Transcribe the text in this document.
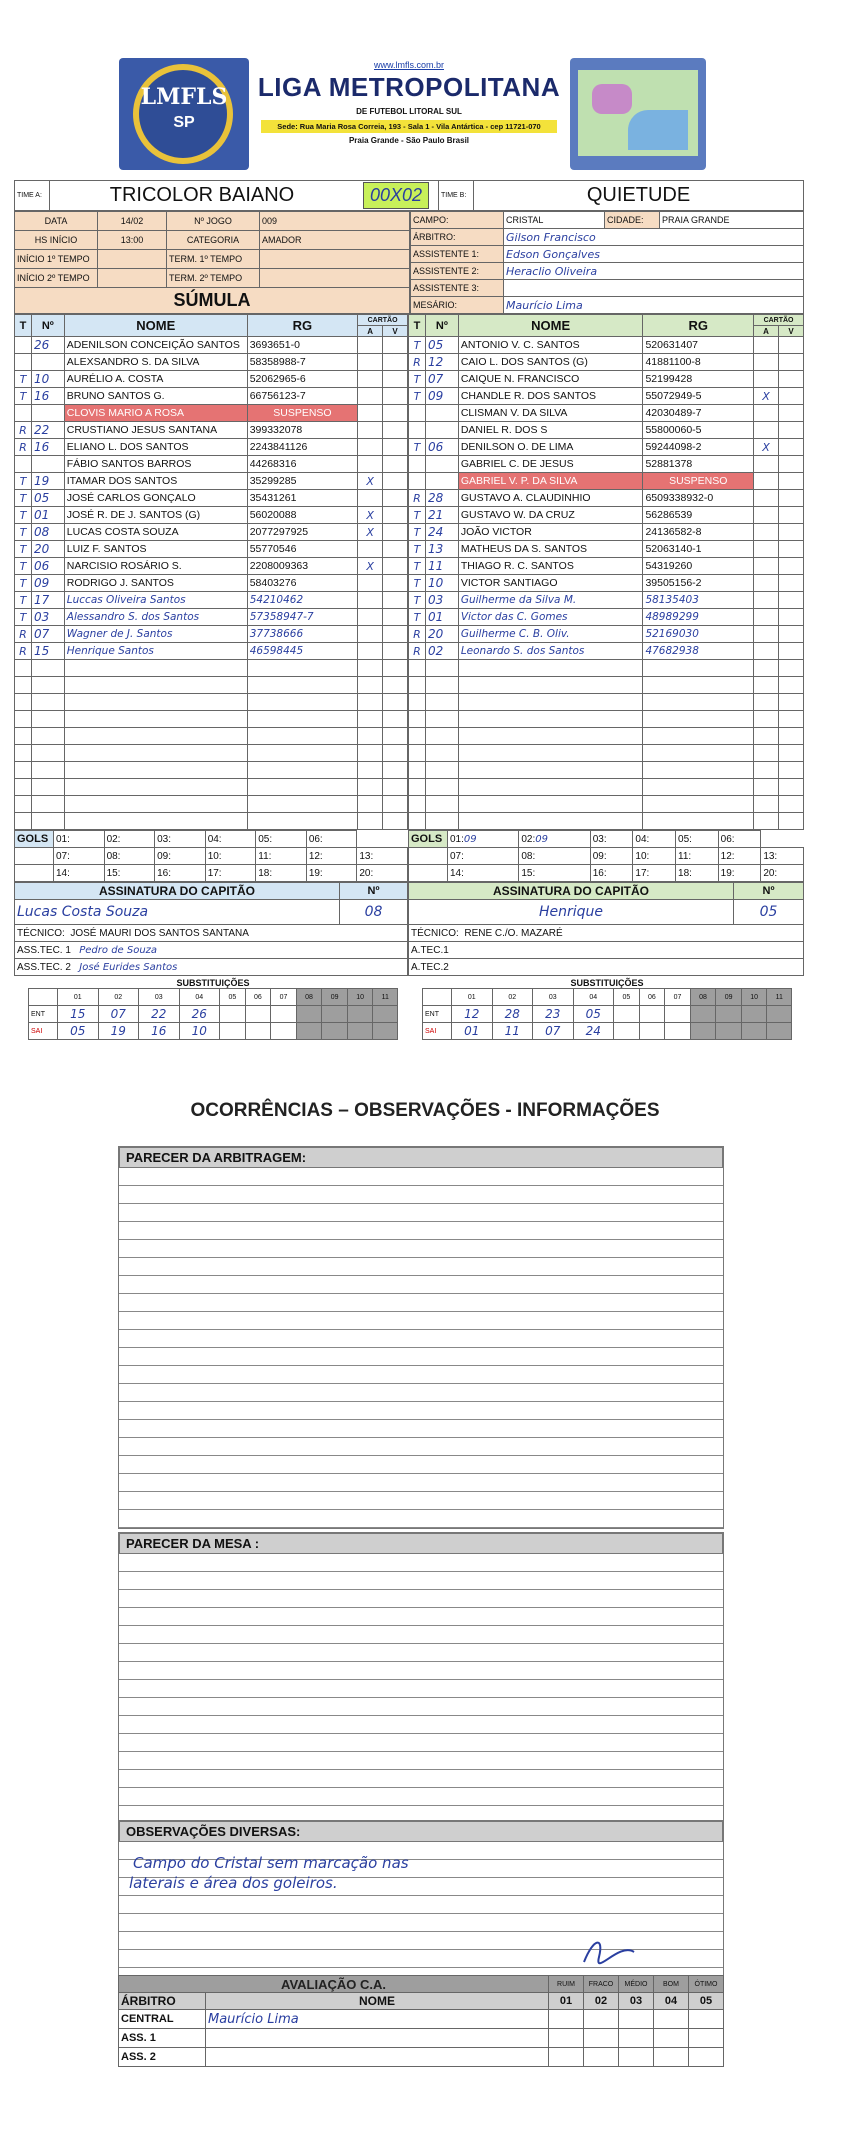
LMFLS
SP
www.lmfls.com.br
LIGA METROPOLITANA
DE FUTEBOL LITORAL SUL
Sede: Rua Maria Rosa Correia, 193 - Sala 1 - Vila Antártica - cep 11721-070
Praia Grande - São Paulo Brasil
TIME A:	TRICOLOR BAIANO	00X02	TIME B:	QUIETUDE
DATA	14/02	Nº JOGO	009
HS INÍCIO	13:00	CATEGORIA	AMADOR
INÍCIO 1º TEMPO		TERM. 1º TEMPO	
INÍCIO 2º TEMPO		TERM. 2º TEMPO	
SÚMULA			
CAMPO:	CRISTAL	CIDADE:	PRAIA GRANDE
ÁRBITRO:	Gilson Francisco		
ASSISTENTE 1:	Edson Gonçalves		
ASSISTENTE 2:	Heraclio Oliveira		
ASSISTENTE 3:			
MESÁRIO:	Maurício Lima		
T	Nº	NOME	RG	CARTÃO	
				A	V
	26	ADENILSON CONCEIÇÃO SANTOS	3693651-0		
		ALEXSANDRO S. DA SILVA	58358988-7		
T	10	AURÉLIO A. COSTA	52062965-6		
T	16	BRUNO SANTOS G.	66756123-7		
		CLOVIS MARIO A ROSA	SUSPENSO		
R	22	CRUSTIANO JESUS SANTANA	399332078		
R	16	ELIANO L. DOS SANTOS	2243841126		
		FÁBIO SANTOS BARROS	44268316		
T	19	ITAMAR DOS SANTOS	35299285	X	
T	05	JOSÉ CARLOS GONÇALO	35431261		
T	01	JOSÉ R. DE J. SANTOS (G)	56020088	X	
T	08	LUCAS COSTA SOUZA	2077297925	X	
T	20	LUIZ F. SANTOS	55770546		
T	06	NARCISIO ROSÁRIO S.	2208009363	X	
T	09	RODRIGO J. SANTOS	58403276		
T	17	Luccas Oliveira Santos	54210462		
T	03	Alessandro S. dos Santos	57358947-7		
R	07	Wagner de J. Santos	37738666		
R	15	Henrique Santos	46598445		

T	Nº	NOME	RG	CARTÃO	
				A	V
T	05	ANTONIO V. C. SANTOS	520631407		
R	12	CAIO L. DOS SANTOS (G)	41881100-8		
T	07	CAIQUE N. FRANCISCO	52199428		
T	09	CHANDLE R. DOS SANTOS	55072949-5	X	
		CLISMAN V. DA SILVA	42030489-7		
		DANIEL R. DOS S	55800060-5		
T	06	DENILSON O. DE LIMA	59244098-2	X	
		GABRIEL C. DE JESUS	52881378		
		GABRIEL V. P. DA SILVA	SUSPENSO		
R	28	GUSTAVO A. CLAUDINHIO	6509338932-0		
T	21	GUSTAVO W. DA CRUZ	56286539		
T	24	JOÃO VICTOR	24136582-8		
T	13	MATHEUS DA S. SANTOS	52063140-1		
T	11	THIAGO R. C. SANTOS	54319260		
T	10	VICTOR SANTIAGO	39505156-2		
T	03	Guilherme da Silva M.	58135403		
T	01	Victor das C. Gomes	48989299		
R	20	Guilherme C. B. Oliv.	52169030		
R	02	Leonardo S. dos Santos	47682938		

GOLS	01:	02:	03:	04:	05:	06:	
	07:	08:	09:	10:	11:	12:	13:
	14:	15:	16:	17:	18:	19:	20:
GOLS	01:09	02:09	03:	04:	05:	06:	
	07:	08:	09:	10:	11:	12:	13:
	14:	15:	16:	17:	18:	19:	20:
ASSINATURA DO CAPITÃO	Nº
Lucas Costa Souza	08
TÉCNICO: JOSÉ MAURI DOS SANTOS SANTANA	
ASS.TEC. 1 Pedro de Souza	
ASS.TEC. 2 José Eurides Santos	
ASSINATURA DO CAPITÃO	Nº
Henrique	05
TÉCNICO: RENE C./O. MAZARÉ	
A.TEC.1	
A.TEC.2	
SUBSTITUIÇÕES
	01	02	03	04	05	06	07	08	09	10	11
ENT	15	07	22	26							
SAI	05	19	16	10							
SUBSTITUIÇÕES
	01	02	03	04	05	06	07	08	09	10	11
ENT	12	28	23	05							
SAI	01	11	07	24							
OCORRÊNCIAS – OBSERVAÇÕES - INFORMAÇÕES
PARECER DA ARBITRAGEM:
PARECER DA MESA :
OBSERVAÇÕES DIVERSAS:
Campo do Cristal sem marcação nas
laterais e área dos goleiros.
AVALIAÇÃO C.A.		RUIM	FRACO	MÉDIO	BOM	ÓTIMO
ÁRBITRO	NOME	01	02	03	04	05
CENTRAL	Maurício Lima					
ASS. 1						
ASS. 2						
